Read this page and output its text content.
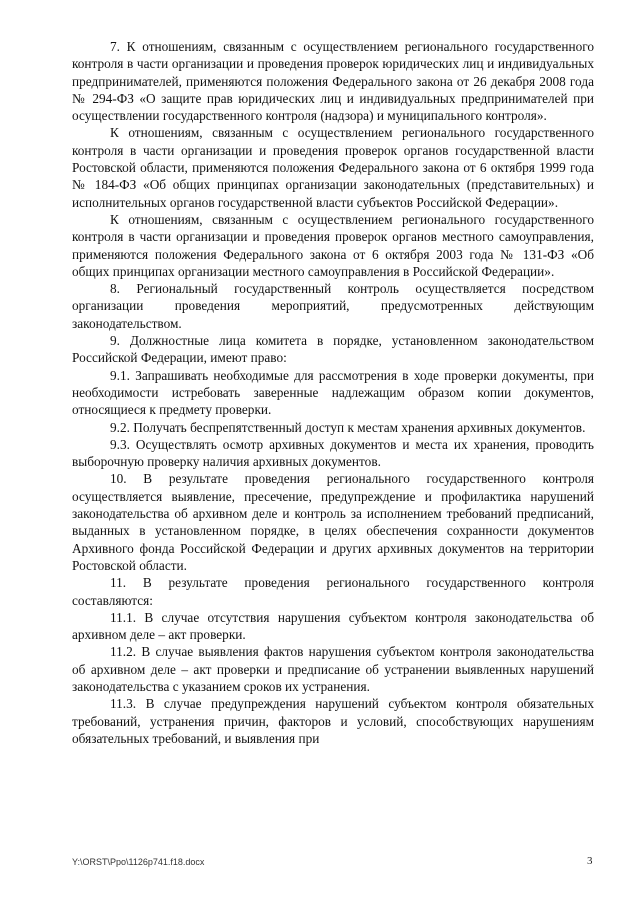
7. К отношениям, связанным с осуществлением регионального государственного контроля в части организации и проведения проверок юридических лиц и индивидуальных предпринимателей, применяются положения Федерального закона от 26 декабря 2008 года № 294-ФЗ «О защите прав юридических лиц и индивидуальных предпринимателей при осуществлении государственного контроля (надзора) и муниципального контроля».

К отношениям, связанным с осуществлением регионального государственного контроля в части организации и проведения проверок органов государственной власти Ростовской области, применяются положения Федерального закона от 6 октября 1999 года № 184-ФЗ «Об общих принципах организации законодательных (представительных) и исполнительных органов государственной власти субъектов Российской Федерации».

К отношениям, связанным с осуществлением регионального государственного контроля в части организации и проведения проверок органов местного самоуправления, применяются положения Федерального закона от 6 октября 2003 года № 131-ФЗ «Об общих принципах организации местного самоуправления в Российской Федерации».

8. Региональный государственный контроль осуществляется посредством организации проведения мероприятий, предусмотренных действующим законодательством.

9. Должностные лица комитета в порядке, установленном законодательством Российской Федерации, имеют право:

9.1. Запрашивать необходимые для рассмотрения в ходе проверки документы, при необходимости истребовать заверенные надлежащим образом копии документов, относящиеся к предмету проверки.

9.2. Получать беспрепятственный доступ к местам хранения архивных документов.

9.3. Осуществлять осмотр архивных документов и места их хранения, проводить выборочную проверку наличия архивных документов.

10. В результате проведения регионального государственного контроля осуществляется выявление, пресечение, предупреждение и профилактика нарушений законодательства об архивном деле и контроль за исполнением требований предписаний, выданных в установленном порядке, в целях обеспечения сохранности документов Архивного фонда Российской Федерации и других архивных документов на территории Ростовской области.

11. В результате проведения регионального государственного контроля составляются:

11.1. В случае отсутствия нарушения субъектом контроля законодательства об архивном деле – акт проверки.

11.2. В случае выявления фактов нарушения субъектом контроля законодательства об архивном деле – акт проверки и предписание об устранении выявленных нарушений законодательства с указанием сроков их устранения.

11.3. В случае предупреждения нарушений субъектом контроля обязательных требований, устранения причин, факторов и условий, способствующих нарушениям обязательных требований, и выявления при

Y:\ORST\Ppo\1126p741.f18.docx	3
